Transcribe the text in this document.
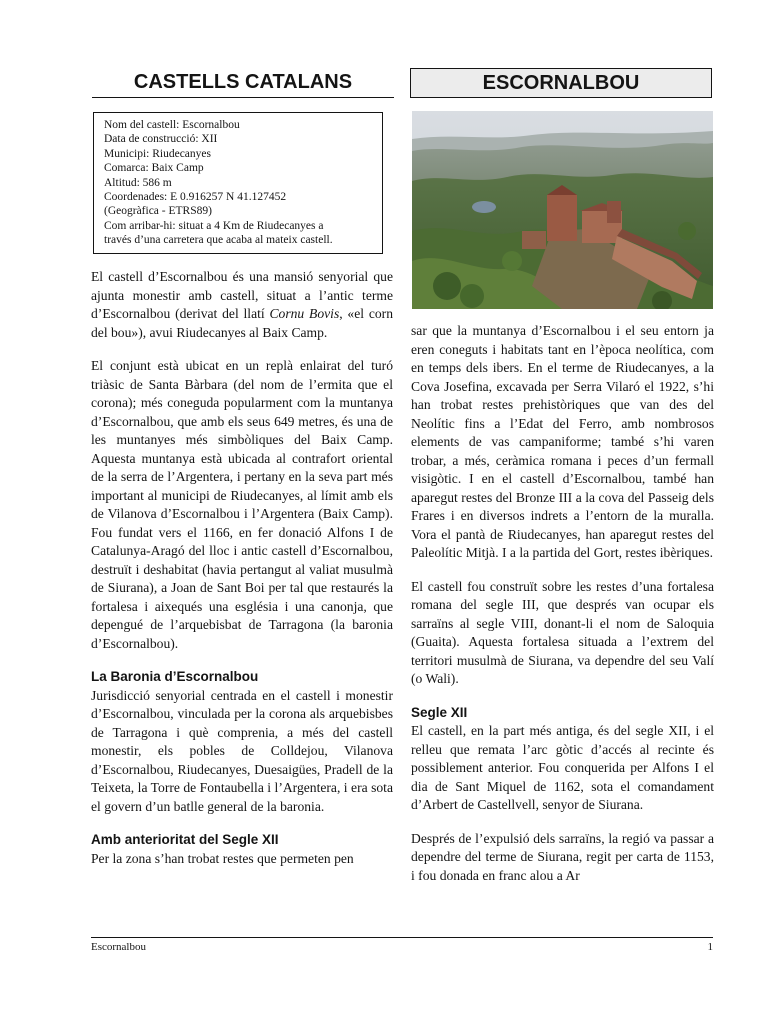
CASTELLS CATALANS	ESCORNALBOU
Nom del castell: Escornalbou
Data de construcció: XII
Municipi: Riudecanyes
Comarca: Baix Camp
Altitud: 586 m
Coordenades: E 0.916257 N 41.127452
(Geogràfica - ETRS89)
Com arribar-hi: situat a 4 Km de Riudecanyes a
través d’una carretera que acaba al mateix castell.

El castell d’Escornalbou és una mansió senyorial que ajunta monestir amb castell, situat a l’antic terme d’Escornalbou (derivat del llatí Cornu Bovis, «el corn del bou»), avui Riudecanyes al Baix Camp.

El conjunt està ubicat en un replà enlairat del turó triàsic de Santa Bàrbara (del nom de l’ermita que el corona); més coneguda popularment com la muntanya d’Escornalbou, que amb els seus 649 metres, és una de les muntanyes més simbòliques del Baix Camp. Aquesta muntanya està ubicada al contrafort oriental de la serra de l’Argentera, i pertany en la seva part més important al municipi de Riudecanyes, al límit amb els de Vilanova d’Escornalbou i l’Argentera (Baix Camp). Fou fundat vers el 1166, en fer donació Alfons I de Catalunya-Aragó del lloc i antic castell d’Escornalbou, destruït i deshabitat (havia pertangut al valiat musulmà de Siurana), a Joan de Sant Boi per tal que restaurés la fortalesa i aixequés una església i una canonja, que depengué de l’arquebisbat de Tarragona (la baronia d’Escornalbou).

La Baronia d’Escornalbou

Jurisdicció senyorial centrada en el castell i monestir d’Escornalbou, vinculada per la corona als arquebisbes de Tarragona i què comprenia, a més del castell monestir, els pobles de Colldejou, Vilanova d’Escornalbou, Riudecanyes, Duesaigües, Pradell de la Teixeta, la Torre de Fontaubella i l’Argentera, i era sota el govern d’un batlle general de la baronia.

Amb anterioritat del Segle XII

Per la zona s’han trobat restes que permeten pen

sar que la muntanya d’Escornalbou i el seu entorn ja eren coneguts i habitats tant en l’època neolítica, com en temps dels ibers. En el terme de Riudecanyes, a la Cova Josefina, excavada per Serra Vilaró el 1922, s’hi han trobat restes prehistòriques que van des del Neolític fins a l’Edat del Ferro, amb nombrosos elements de vas campaniforme; també s’hi varen trobar, a més, ceràmica romana i peces d’un fermall visigòtic. I en el castell d’Escornalbou, també han aparegut restes del Bronze III a la cova del Passeig dels Frares i en diversos indrets a l’entorn de la muralla. Vora el pantà de Riudecanyes, han aparegut restes del Paleolític Mitjà. I a la partida del Gort, restes ibèriques.

El castell fou construït sobre les restes d’una fortalesa romana del segle III, que després van ocupar els sarraïns al segle VIII, donant-li el nom de Saloquia (Guaita). Aquesta fortalesa situada a l’extrem del territori musulmà de Siurana, va dependre del seu Valí (o Wali).

Segle XII

El castell, en la part més antiga, és del segle XII, i el relleu que remata l’arc gòtic d’accés al recinte és possiblement anterior. Fou conquerida per Alfons I el dia de Sant Miquel de 1162, sota el comandament d’Arbert de Castellvell, senyor de Siurana.

Després de l’expulsió dels sarraïns, la regió va passar a dependre del terme de Siurana, regit per carta de 1153, i fou donada en franc alou a Ar

Escornalbou	1
